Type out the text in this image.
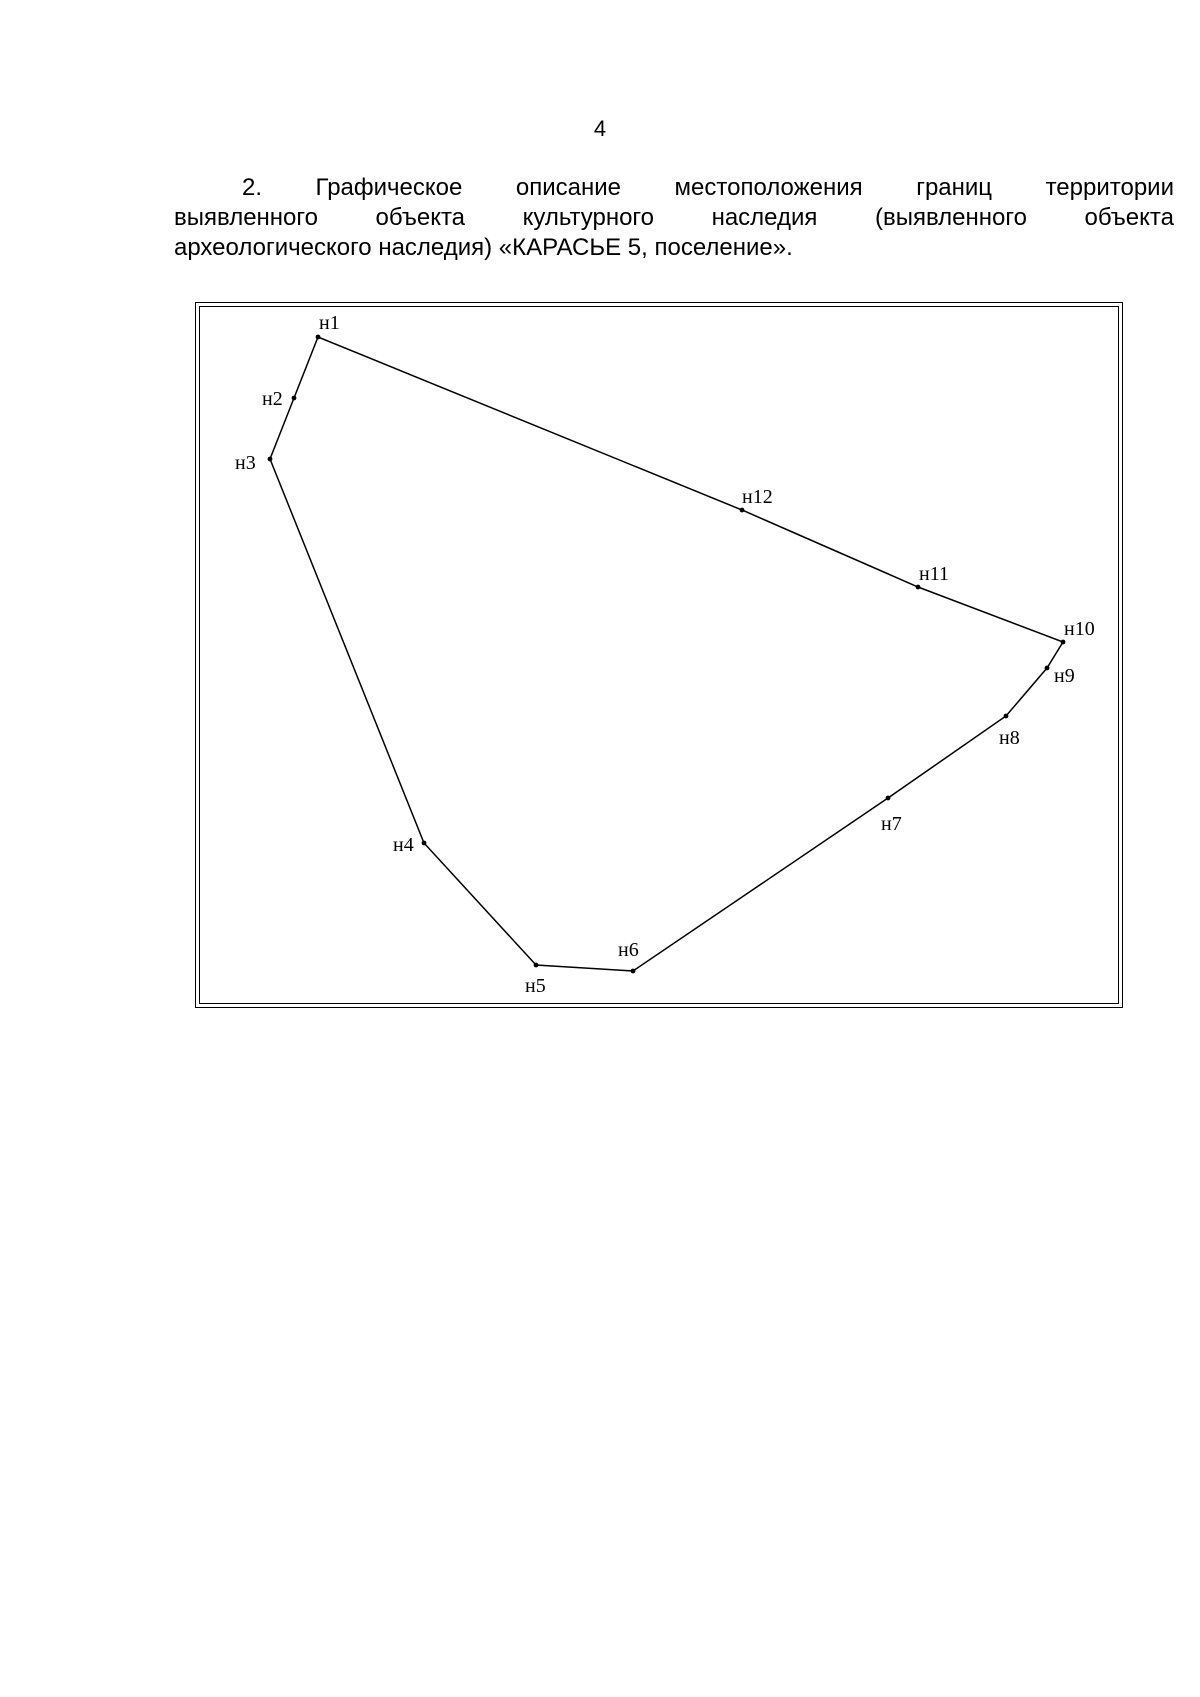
4
2. Графическое описание местоположения границ территории
выявленного объекта культурного наследия (выявленного объекта
археологического наследия) «КАРАСЬЕ 5, поселение».
н1
н2
н3
н4
н5
н6
н7
н8
н9
н10
н11
н12
